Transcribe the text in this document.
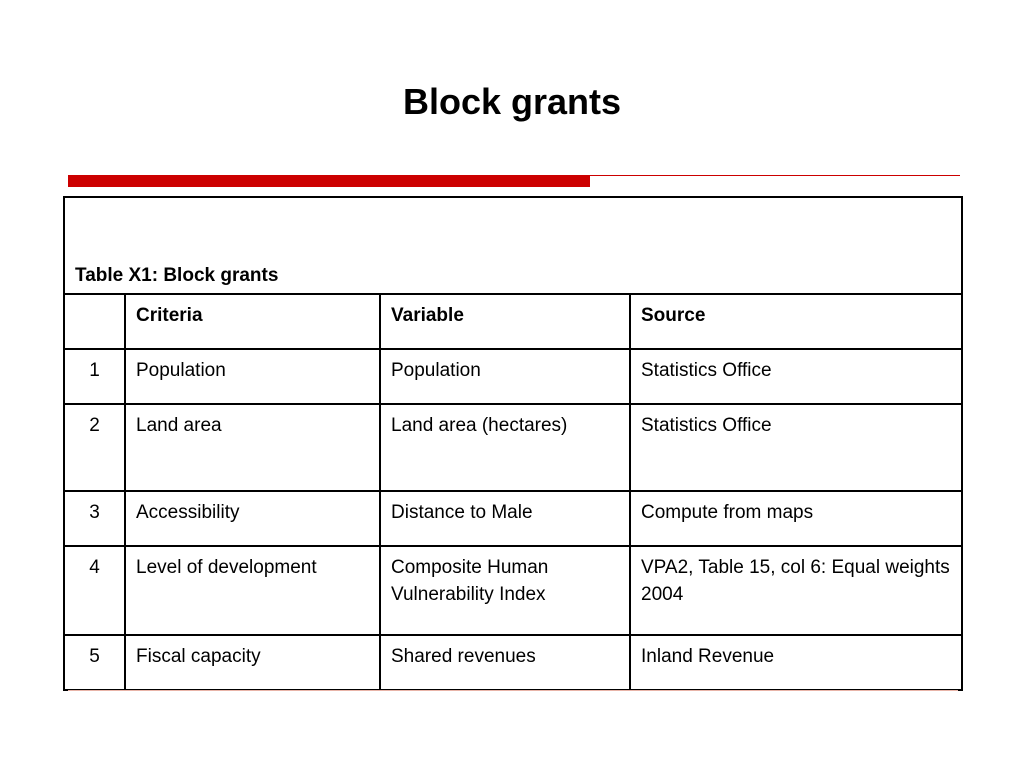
Block grants
Table X1: Block grants			
	Criteria	Variable	Source
1	Population	Population	Statistics Office
2	Land area	Land area (hectares)	Statistics Office
3	Accessibility	Distance to Male	Compute from maps
4	Level of development	Composite Human Vulnerability Index	VPA2, Table 15, col 6: Equal weights 2004
5	Fiscal capacity	Shared revenues	Inland Revenue
